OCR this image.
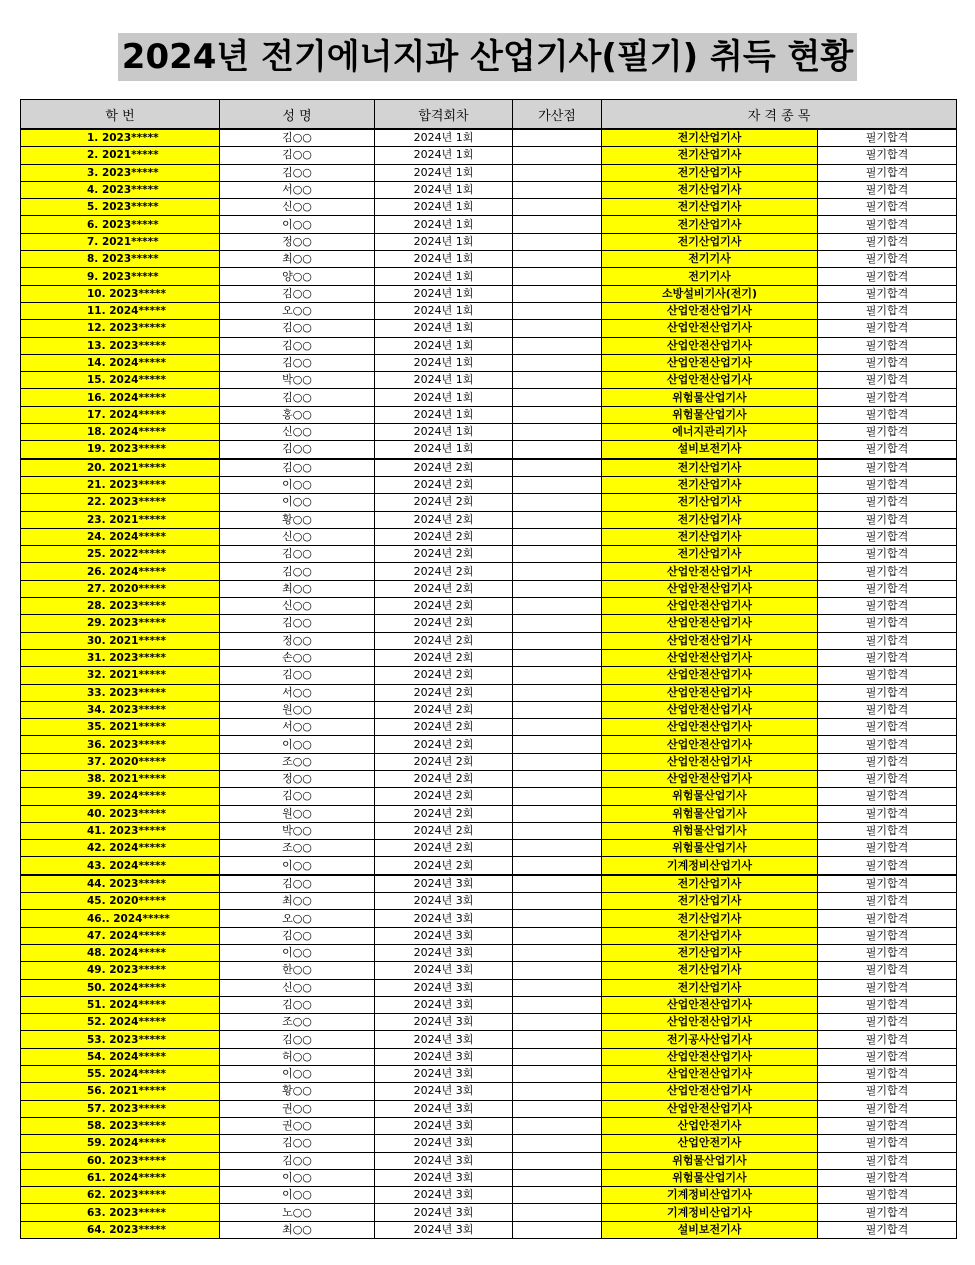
2024년 전기에너지과 산업기사(필기) 취득 현황
학 번	성 명	합격회차	가산점	자 격 종 목	
1. 2023*****	김○○	2024년 1회		전기산업기사	필기합격
2. 2021*****	김○○	2024년 1회		전기산업기사	필기합격
3. 2023*****	김○○	2024년 1회		전기산업기사	필기합격
4. 2023*****	서○○	2024년 1회		전기산업기사	필기합격
5. 2023*****	신○○	2024년 1회		전기산업기사	필기합격
6. 2023*****	이○○	2024년 1회		전기산업기사	필기합격
7. 2021*****	정○○	2024년 1회		전기산업기사	필기합격
8. 2023*****	최○○	2024년 1회		전기기사	필기합격
9. 2023*****	양○○	2024년 1회		전기기사	필기합격
10. 2023*****	김○○	2024년 1회		소방설비기사(전기)	필기합격
11. 2024*****	오○○	2024년 1회		산업안전산업기사	필기합격
12. 2023*****	김○○	2024년 1회		산업안전산업기사	필기합격
13. 2023*****	김○○	2024년 1회		산업안전산업기사	필기합격
14. 2024*****	김○○	2024년 1회		산업안전산업기사	필기합격
15. 2024*****	박○○	2024년 1회		산업안전산업기사	필기합격
16. 2024*****	김○○	2024년 1회		위험물산업기사	필기합격
17. 2024*****	홍○○	2024년 1회		위험물산업기사	필기합격
18. 2024*****	신○○	2024년 1회		에너지관리기사	필기합격
19. 2023*****	김○○	2024년 1회		설비보전기사	필기합격
20. 2021*****	김○○	2024년 2회		전기산업기사	필기합격
21. 2023*****	이○○	2024년 2회		전기산업기사	필기합격
22. 2023*****	이○○	2024년 2회		전기산업기사	필기합격
23. 2021*****	황○○	2024년 2회		전기산업기사	필기합격
24. 2024*****	신○○	2024년 2회		전기산업기사	필기합격
25. 2022*****	김○○	2024년 2회		전기산업기사	필기합격
26. 2024*****	김○○	2024년 2회		산업안전산업기사	필기합격
27. 2020*****	최○○	2024년 2회		산업안전산업기사	필기합격
28. 2023*****	신○○	2024년 2회		산업안전산업기사	필기합격
29. 2023*****	김○○	2024년 2회		산업안전산업기사	필기합격
30. 2021*****	정○○	2024년 2회		산업안전산업기사	필기합격
31. 2023*****	손○○	2024년 2회		산업안전산업기사	필기합격
32. 2021*****	김○○	2024년 2회		산업안전산업기사	필기합격
33. 2023*****	서○○	2024년 2회		산업안전산업기사	필기합격
34. 2023*****	원○○	2024년 2회		산업안전산업기사	필기합격
35. 2021*****	서○○	2024년 2회		산업안전산업기사	필기합격
36. 2023*****	이○○	2024년 2회		산업안전산업기사	필기합격
37. 2020*****	조○○	2024년 2회		산업안전산업기사	필기합격
38. 2021*****	정○○	2024년 2회		산업안전산업기사	필기합격
39. 2024*****	김○○	2024년 2회		위험물산업기사	필기합격
40. 2023*****	원○○	2024년 2회		위험물산업기사	필기합격
41. 2023*****	박○○	2024년 2회		위험물산업기사	필기합격
42. 2024*****	조○○	2024년 2회		위험물산업기사	필기합격
43. 2024*****	이○○	2024년 2회		기계정비산업기사	필기합격
44. 2023*****	김○○	2024년 3회		전기산업기사	필기합격
45. 2020*****	최○○	2024년 3회		전기산업기사	필기합격
46.. 2024*****	오○○	2024년 3회		전기산업기사	필기합격
47. 2024*****	김○○	2024년 3회		전기산업기사	필기합격
48. 2024*****	이○○	2024년 3회		전기산업기사	필기합격
49. 2023*****	한○○	2024년 3회		전기산업기사	필기합격
50. 2024*****	신○○	2024년 3회		전기산업기사	필기합격
51. 2024*****	김○○	2024년 3회		산업안전산업기사	필기합격
52. 2024*****	조○○	2024년 3회		산업안전산업기사	필기합격
53. 2023*****	김○○	2024년 3회		전기공사산업기사	필기합격
54. 2024*****	허○○	2024년 3회		산업안전산업기사	필기합격
55. 2024*****	이○○	2024년 3회		산업안전산업기사	필기합격
56. 2021*****	황○○	2024년 3회		산업안전산업기사	필기합격
57. 2023*****	권○○	2024년 3회		산업안전산업기사	필기합격
58. 2023*****	권○○	2024년 3회		산업안전기사	필기합격
59. 2024*****	김○○	2024년 3회		산업안전기사	필기합격
60. 2023*****	김○○	2024년 3회		위험물산업기사	필기합격
61. 2024*****	이○○	2024년 3회		위험물산업기사	필기합격
62. 2023*****	이○○	2024년 3회		기계정비산업기사	필기합격
63. 2023*****	노○○	2024년 3회		기계정비산업기사	필기합격
64. 2023*****	최○○	2024년 3회		설비보전기사	필기합격
